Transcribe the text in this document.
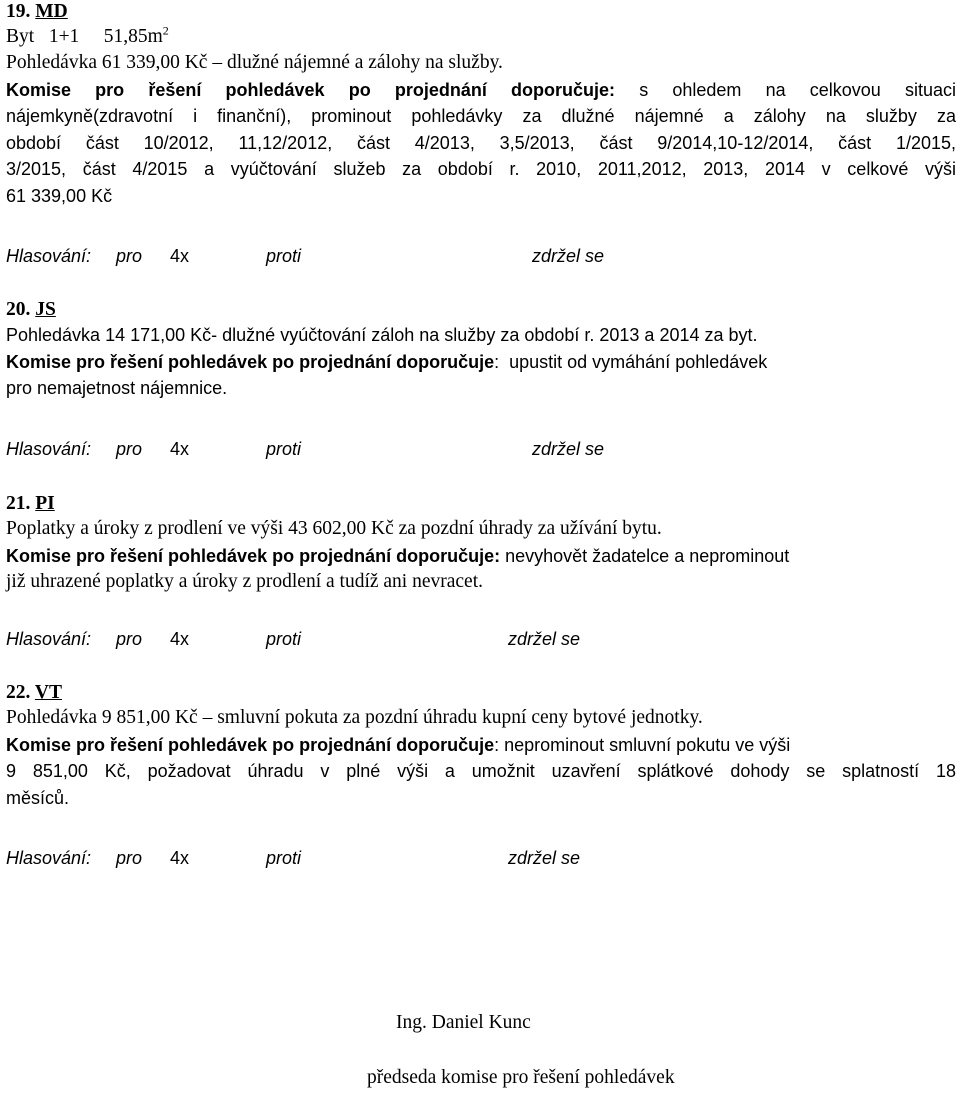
19. MD
Byt 1+1 $51,85m^2$
Pohledávka 61 339,00 Kč – dlužné nájemné a zálohy na služby.
Komise pro řešení pohledávek po projednání doporučuje: s ohledem na celkovou situaci
nájemkyně(zdravotní i finanční), prominout pohledávky za dlužné nájemné a zálohy na služby za
období část 10/2012, 11,12/2012, část 4/2013, 3,5/2013, část 9/2014,10-12/2014, část 1/2015,
3/2015, část 4/2015 a vyúčtování služeb za období r. 2010, 2011,2012, 2013, 2014 v celkové výši
61 339,00 Kč
Hlasování: pro 4x	proti	zdržel se
20. JS
Pohledávka 14 171,00 Kč- dlužné vyúčtování záloh na služby za období r. 2013 a 2014 za byt.
Komise pro řešení pohledávek po projednání doporučuje:  upustit od vymáhání pohledávek
pro nemajetnost nájemnice.
Hlasování: pro 4x	proti	zdržel se
21. PI
Poplatky a úroky z prodlení ve výši 43 602,00 Kč za pozdní úhrady za užívání bytu.
Komise pro řešení pohledávek po projednání doporučuje: nevyhovět žadatelce a neprominout
již uhrazené poplatky a úroky z prodlení a tudíž ani nevracet.
Hlasování: pro 4x	proti	zdržel se
22. VT
Pohledávka 9 851,00 Kč – smluvní pokuta za pozdní úhradu kupní ceny bytové jednotky.
Komise pro řešení pohledávek po projednání doporučuje: neprominout smluvní pokutu ve výši
9 851,00 Kč, požadovat úhradu v plné výši a umožnit uzavření splátkové dohody se splatností 18
měsíců.
Hlasování: pro 4x	proti	zdržel se
Ing. Daniel Kunc
předseda komise pro řešení pohledávek
